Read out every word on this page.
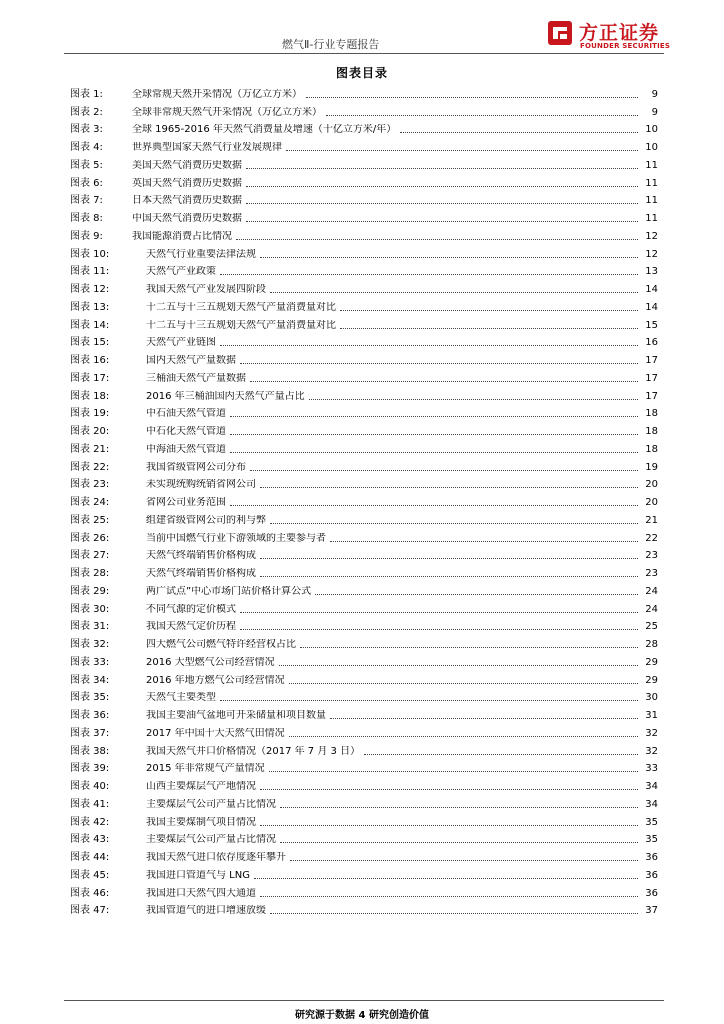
燃气Ⅱ-行业专题报告
方正证券
FOUNDER SECURITIES
图表目录
图表 1:	全球常规天然开采情况（万亿立方米）	9
图表 2:	全球非常规天然气开采情况（万亿立方米）	9
图表 3:	全球 1965-2016 年天然气消费量及增速（十亿立方米/年）	10
图表 4:	世界典型国家天然气行业发展规律	10
图表 5:	美国天然气消费历史数据	11
图表 6:	英国天然气消费历史数据	11
图表 7:	日本天然气消费历史数据	11
图表 8:	中国天然气消费历史数据	11
图表 9:	我国能源消费占比情况	12
图表 10:	天然气行业重要法律法规	12
图表 11:	天然气产业政策	13
图表 12:	我国天然气产业发展四阶段	14
图表 13:	十二五与十三五规划天然气产量消费量对比	14
图表 14:	十二五与十三五规划天然气产量消费量对比	15
图表 15:	天然气产业链图	16
图表 16:	国内天然气产量数据	17
图表 17:	三桶油天然气产量数据	17
图表 18:	2016 年三桶油国内天然气产量占比	17
图表 19:	中石油天然气管道	18
图表 20:	中石化天然气管道	18
图表 21:	中海油天然气管道	18
图表 22:	我国省级管网公司分布	19
图表 23:	未实现统购统销省网公司	20
图表 24:	省网公司业务范围	20
图表 25:	组建省级管网公司的利与弊	21
图表 26:	当前中国燃气行业下游领域的主要参与者	22
图表 27:	天然气终端销售价格构成	23
图表 28:	天然气终端销售价格构成	23
图表 29:	两广试点”中心市场门站价格计算公式	24
图表 30:	不同气源的定价模式	24
图表 31:	我国天然气定价历程	25
图表 32:	四大燃气公司燃气特许经营权占比	28
图表 33:	2016 大型燃气公司经营情况	29
图表 34:	2016 年地方燃气公司经营情况	29
图表 35:	天然气主要类型	30
图表 36:	我国主要油气盆地可开采储量和项目数量	31
图表 37:	2017 年中国十大天然气田情况	32
图表 38:	我国天然气井口价格情况（2017 年 7 月 3 日）	32
图表 39:	2015 年非常规气产量情况	33
图表 40:	山西主要煤层气产地情况	34
图表 41:	主要煤层气公司产量占比情况	34
图表 42:	我国主要煤制气项目情况	35
图表 43:	主要煤层气公司产量占比情况	35
图表 44:	我国天然气进口依存度逐年攀升	36
图表 45:	我国进口管道气与 LNG	36
图表 46:	我国进口天然气四大通道	36
图表 47:	我国管道气的进口增速放缓	37
研究源于数据 4 研究创造价值
